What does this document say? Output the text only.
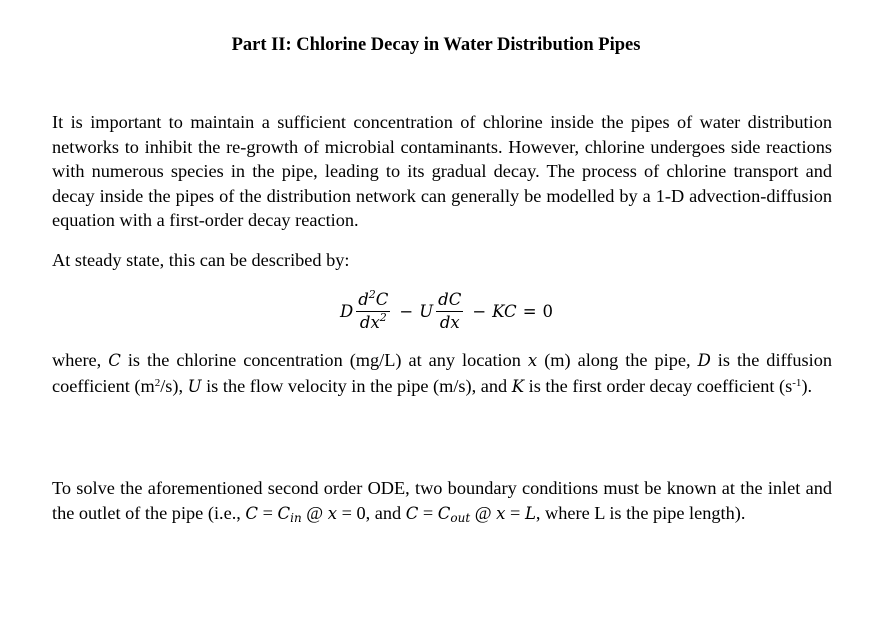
Part II: Chlorine Decay in Water Distribution Pipes

It is important to maintain a sufficient concentration of chlorine inside the pipes of water distribution networks to inhibit the re-growth of microbial contaminants. However, chlorine undergoes side reactions with numerous species in the pipe, leading to its gradual decay. The process of chlorine transport and decay inside the pipes of the distribution network can generally be modelled by a 1-D advection-diffusion equation with a first-order decay reaction.

At steady state, this can be described by:

D $\frac{d^2C}{dx^2} - U \frac{dC}{dx}$ − KC = 0

where, C is the chlorine concentration (mg/L) at any location x (m) along the pipe, D is the diffusion coefficient $(m^2/s)$, U is the flow velocity in the pipe (m/s), and K is the first order decay coefficient $(s^{-1})$.

To solve the aforementioned second order ODE, two boundary conditions must be known at the inlet and the outlet of the pipe (i.e., $C = C_{in}$ @ x = 0, and $C = C_{out}$ @ x = L, where L is the pipe length).
